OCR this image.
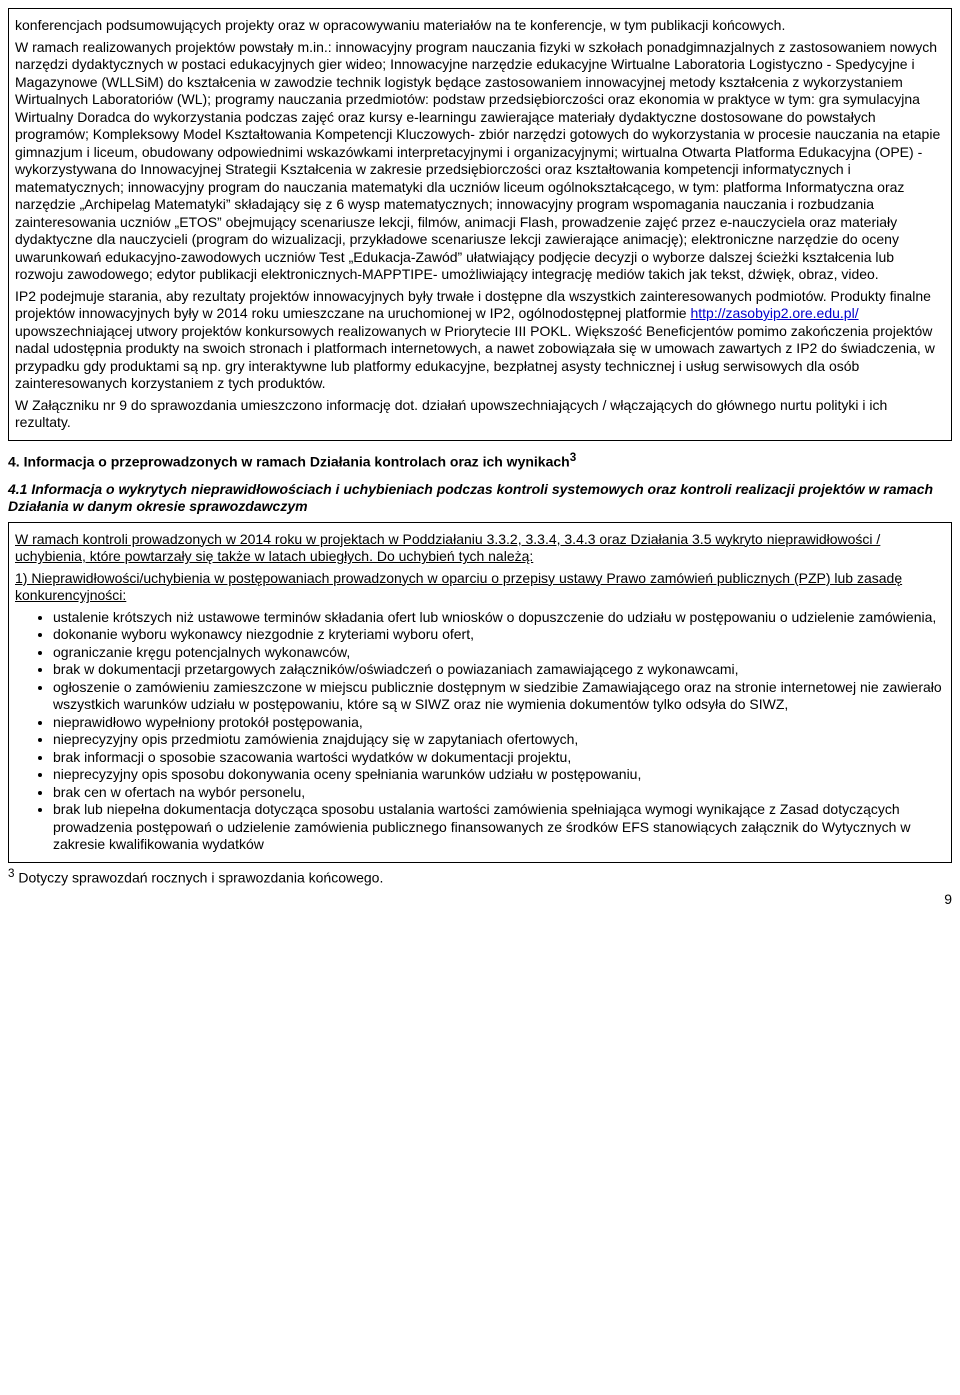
konferencjach podsumowujących projekty oraz w opracowywaniu materiałów na te konferencje, w tym publikacji końcowych.

W ramach realizowanych projektów powstały m.in.: innowacyjny program nauczania fizyki w szkołach ponadgimnazjalnych z zastosowaniem nowych narzędzi dydaktycznych w postaci edukacyjnych gier wideo; Innowacyjne narzędzie edukacyjne Wirtualne Laboratoria Logistyczno - Spedycyjne i Magazynowe (WLLSiM) do kształcenia w zawodzie technik logistyk będące zastosowaniem innowacyjnej metody kształcenia z wykorzystaniem Wirtualnych Laboratoriów (WL); programy nauczania przedmiotów: podstaw przedsiębiorczości oraz ekonomia w praktyce w tym: gra symulacyjna Wirtualny Doradca do wykorzystania podczas zajęć oraz kursy e-learningu zawierające materiały dydaktyczne dostosowane do powstałych programów; Kompleksowy Model Kształtowania Kompetencji Kluczowych- zbiór narzędzi gotowych do wykorzystania w procesie nauczania na etapie gimnazjum i liceum, obudowany odpowiednimi wskazówkami interpretacyjnymi i organizacyjnymi; wirtualna Otwarta Platforma Edukacyjna (OPE) - wykorzystywana do Innowacyjnej Strategii Kształcenia w zakresie przedsiębiorczości oraz kształtowania kompetencji informatycznych i matematycznych; innowacyjny program do nauczania matematyki dla uczniów liceum ogólnokształcącego, w tym: platforma Informatyczna oraz narzędzie „Archipelag Matematyki” składający się z 6 wysp matematycznych; innowacyjny program wspomagania nauczania i rozbudzania zainteresowania uczniów „ETOS” obejmujący scenariusze lekcji, filmów, animacji Flash, prowadzenie zajęć przez e-nauczyciela oraz materiały dydaktyczne dla nauczycieli (program do wizualizacji, przykładowe scenariusze lekcji zawierające animację); elektroniczne narzędzie do oceny uwarunkowań edukacyjno-zawodowych uczniów Test „Edukacja-Zawód” ułatwiający podjęcie decyzji o wyborze dalszej ścieżki kształcenia lub rozwoju zawodowego; edytor publikacji elektronicznych-MAPPTIPE- umożliwiający integrację mediów takich jak tekst, dźwięk, obraz, video.

IP2 podejmuje starania, aby rezultaty projektów innowacyjnych były trwałe i dostępne dla wszystkich zainteresowanych podmiotów. Produkty finalne projektów innowacyjnych były w 2014 roku umieszczane na uruchomionej w IP2, ogólnodostępnej platformie http://zasobyip2.ore.edu.pl/ upowszechniającej utwory projektów konkursowych realizowanych w Priorytecie III POKL. Większość Beneficjentów pomimo zakończenia projektów nadal udostępnia produkty na swoich stronach i platformach internetowych, a nawet zobowiązała się w umowach zawartych z IP2 do świadczenia, w przypadku gdy produktami są np. gry interaktywne lub platformy edukacyjne, bezpłatnej asysty technicznej i usług serwisowych dla osób zainteresowanych korzystaniem z tych produktów.

W Załączniku nr 9 do sprawozdania umieszczono informację dot. działań upowszechniających / włączających do głównego nurtu polityki i ich rezultaty.

4. Informacja o przeprowadzonych w ramach Działania kontrolach oraz ich wynikach$^3$
4.1 Informacja o wykrytych nieprawidłowościach i uchybieniach podczas kontroli systemowych oraz kontroli realizacji projektów w ramach Działania w danym okresie sprawozdawczym

W ramach kontroli prowadzonych w 2014 roku w projektach w Poddziałaniu 3.3.2, 3.3.4, 3.4.3 oraz Działania 3.5 wykryto nieprawidłowości / uchybienia, które powtarzały się także w latach ubiegłych. Do uchybień tych należą:

1) Nieprawidłowości/uchybienia w postępowaniach prowadzonych w oparciu o przepisy ustawy Prawo zamówień publicznych (PZP) lub zasadę konkurencyjności:

• ustalenie krótszych niż ustawowe terminów składania ofert lub wniosków o dopuszczenie do udziału w postępowaniu o udzielenie zamówienia,
• dokonanie wyboru wykonawcy niezgodnie z kryteriami wyboru ofert,
• ograniczanie kręgu potencjalnych wykonawców,
• brak w dokumentacji przetargowych załączników/oświadczeń o powiazaniach zamawiającego z wykonawcami,
• ogłoszenie o zamówieniu zamieszczone w miejscu publicznie dostępnym w siedzibie Zamawiającego oraz na stronie internetowej nie zawierało wszystkich warunków udziału w postępowaniu, które są w SIWZ oraz nie wymienia dokumentów tylko odsyła do SIWZ,
• nieprawidłowo wypełniony protokół postępowania,
• nieprecyzyjny opis przedmiotu zamówienia znajdujący się w zapytaniach ofertowych,
• brak informacji o sposobie szacowania wartości wydatków w dokumentacji projektu,
• nieprecyzyjny opis sposobu dokonywania oceny spełniania warunków udziału w postępowaniu,
• brak cen w ofertach na wybór personelu,
• brak lub niepełna dokumentacja dotycząca sposobu ustalania wartości zamówienia spełniająca wymogi wynikające z Zasad dotyczących prowadzenia postępowań o udzielenie zamówienia publicznego finansowanych ze środków EFS stanowiących załącznik do Wytycznych w zakresie kwalifikowania wydatków

$^3$ Dotyczy sprawozdań rocznych i sprawozdania końcowego.

9
